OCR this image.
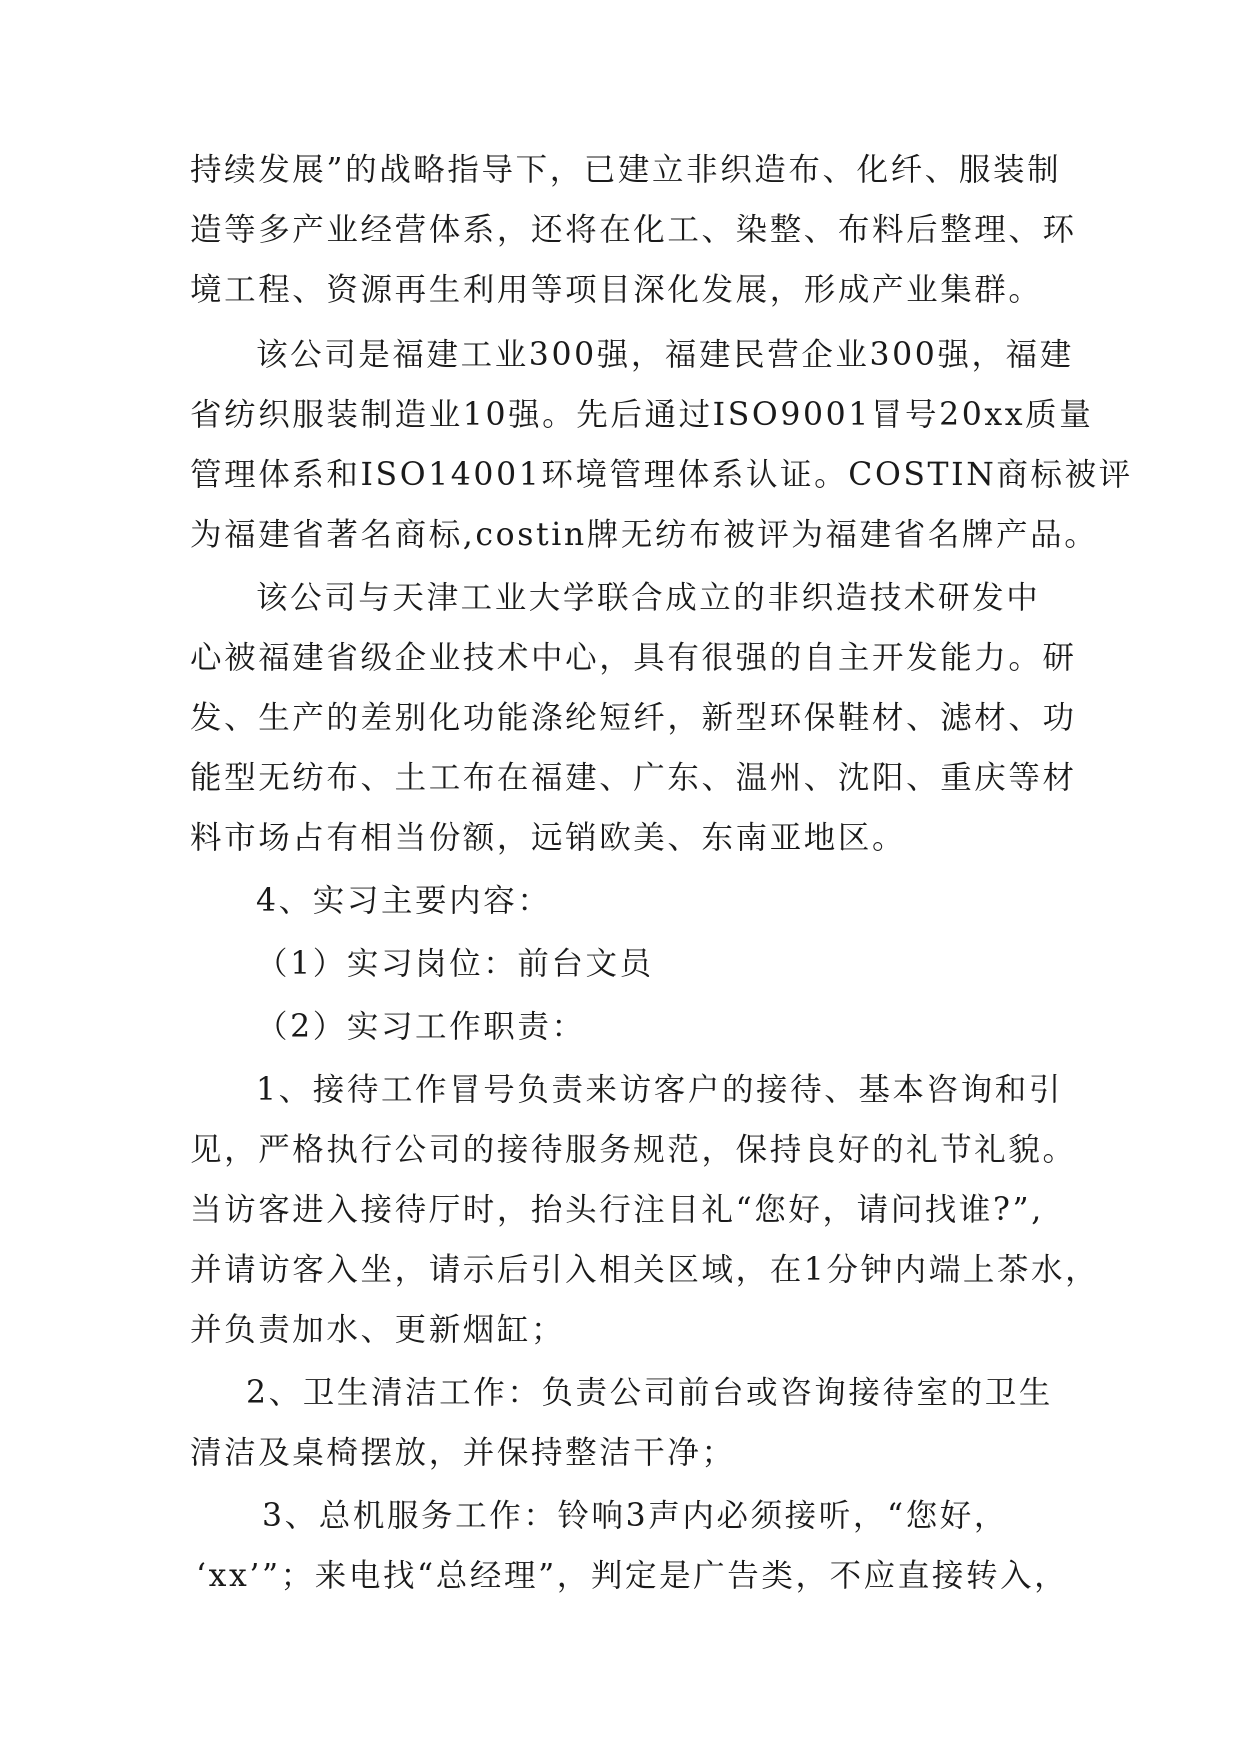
持续发展”的战略指导下，已建立非织造布、化纤、服装制
造等多产业经营体系，还将在化工、染整、布料后整理、环
境工程、资源再生利用等项目深化发展，形成产业集群。
该公司是福建工业300强，福建民营企业300强，福建
省纺织服装制造业10强。先后通过ISO9001冒号20xx质量
管理体系和ISO14001环境管理体系认证。COSTIN商标被评
为福建省著名商标,costin牌无纺布被评为福建省名牌产品。
该公司与天津工业大学联合成立的非织造技术研发中
心被福建省级企业技术中心，具有很强的自主开发能力。研
发、生产的差别化功能涤纶短纤，新型环保鞋材、滤材、功
能型无纺布、土工布在福建、广东、温州、沈阳、重庆等材
料市场占有相当份额，远销欧美、东南亚地区。
4、实习主要内容：
（1）实习岗位：前台文员
（2）实习工作职责：
1、接待工作冒号负责来访客户的接待、基本咨询和引
见，严格执行公司的接待服务规范，保持良好的礼节礼貌。
当访客进入接待厅时，抬头行注目礼“您好，请问找谁?”,
并请访客入坐，请示后引入相关区域，在1分钟内端上茶水，
并负责加水、更新烟缸；
2、卫生清洁工作：负责公司前台或咨询接待室的卫生
清洁及桌椅摆放，并保持整洁干净；
3、总机服务工作：铃响3声内必须接听，“您好，
‘xx’”；来电找“总经理”，判定是广告类，不应直接转入，
